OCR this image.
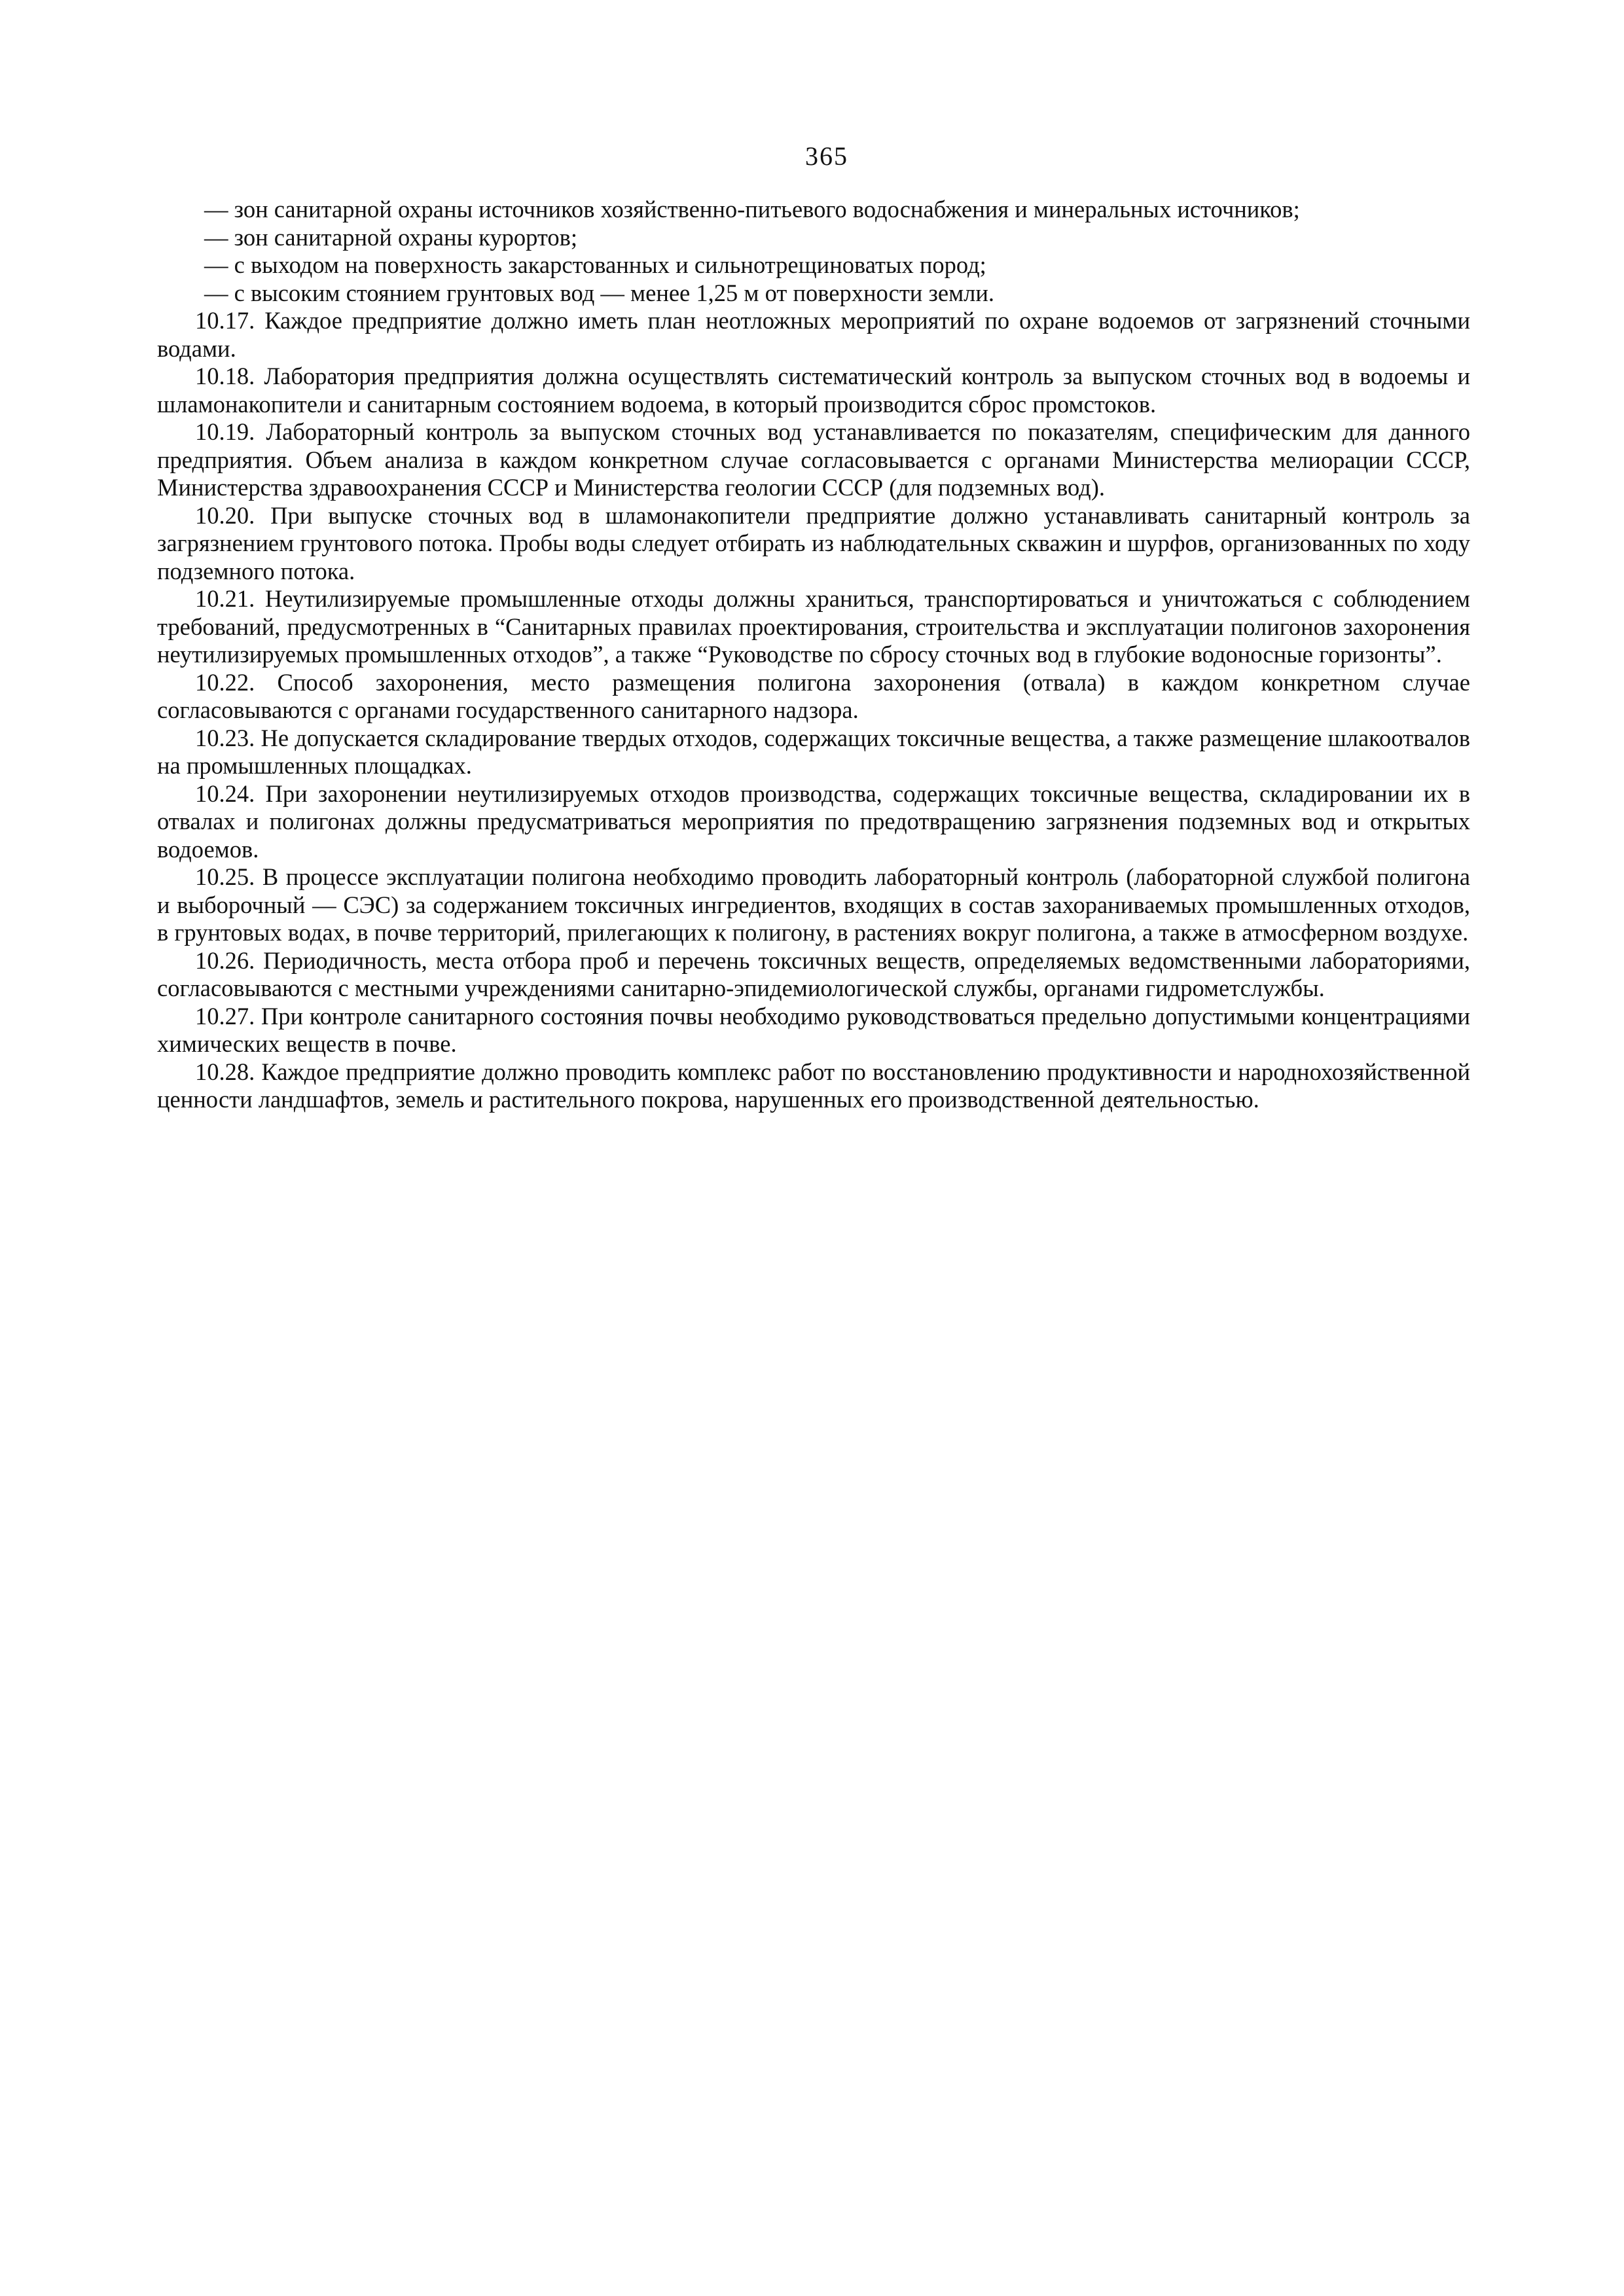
365

— зон санитарной охраны источников хозяйственно-питьевого водоснабжения и минеральных источников;

— зон санитарной охраны курортов;

— с выходом на поверхность закарстованных и сильнотрещиноватых пород;

— с высоким стоянием грунтовых вод — менее 1,25 м от поверхности земли.

10.17. Каждое предприятие должно иметь план неотложных мероприятий по охране водоемов от загрязнений сточными водами.

10.18. Лаборатория предприятия должна осуществлять систематический контроль за выпуском сточных вод в водоемы и шламонакопители и санитарным состоянием водоема, в который производится сброс промстоков.

10.19. Лабораторный контроль за выпуском сточных вод устанавливается по показателям, специфическим для данного предприятия. Объем анализа в каждом конкретном случае согласовывается с органами Министерства мелиорации СССР, Министерства здравоохранения СССР и Министерства геологии СССР (для подземных вод).

10.20. При выпуске сточных вод в шламонакопители предприятие должно устанавливать санитарный контроль за загрязнением грунтового потока. Пробы воды следует отбирать из наблюдательных скважин и шурфов, организованных по ходу подземного потока.

10.21. Неутилизируемые промышленные отходы должны храниться, транспортироваться и уничтожаться с соблюдением требований, предусмотренных в “Санитарных правилах проектирования, строительства и эксплуатации полигонов захоронения неутилизируемых промышленных отходов”, а также “Руководстве по сбросу сточных вод в глубокие водоносные горизонты”.

10.22. Способ захоронения, место размещения полигона захоронения (отвала) в каждом конкретном случае согласовываются с органами государственного санитарного надзора.

10.23. Не допускается складирование твердых отходов, содержащих токсичные вещества, а также размещение шлакоотвалов на промышленных площадках.

10.24. При захоронении неутилизируемых отходов производства, содержащих токсичные вещества, складировании их в отвалах и полигонах должны предусматриваться мероприятия по предотвращению загрязнения подземных вод и открытых водоемов.

10.25. В процессе эксплуатации полигона необходимо проводить лабораторный контроль (лабораторной службой полигона и выборочный — СЭС) за содержанием токсичных ингредиентов, входящих в состав захораниваемых промышленных отходов, в грунтовых водах, в почве территорий, прилегающих к полигону, в растениях вокруг полигона, а также в атмосферном воздухе.

10.26. Периодичность, места отбора проб и перечень токсичных веществ, определяемых ведомственными лабораториями, согласовываются с местными учреждениями санитарно-эпидемиологической службы, органами гидрометслужбы.

10.27. При контроле санитарного состояния почвы необходимо руководствоваться предельно допустимыми концентрациями химических веществ в почве.

10.28. Каждое предприятие должно проводить комплекс работ по восстановлению продуктивности и народнохозяйственной ценности ландшафтов, земель и растительного покрова, нарушенных его производственной деятельностью.
